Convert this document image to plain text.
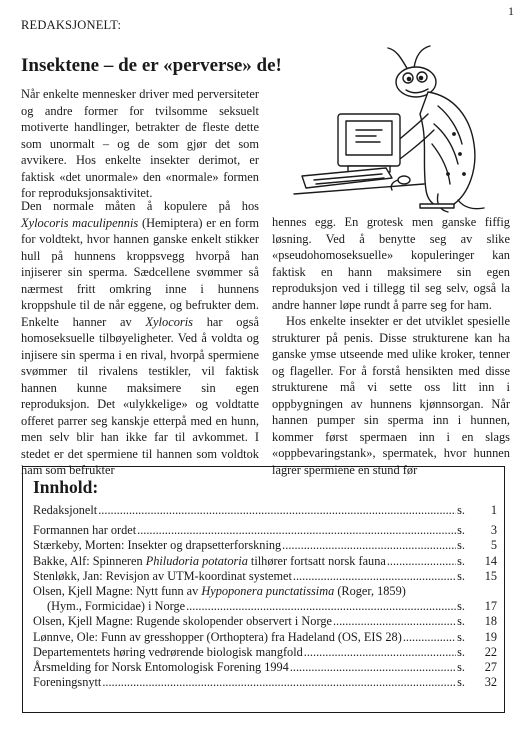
1
REDAKSJONELT:
Insektene – de er «perverse» de!

Når enkelte mennesker driver med perversiteter og andre former for tvilsomme seksuelt motiverte handlinger, betrakter de fleste dette som unormalt – og de som gjør det som avvikere. Hos enkelte insekter derimot, er faktisk «det unormale» den «normale» formen for reproduksjonsaktivitet.

Den normale måten å kopulere på hos Xylocoris maculipennis (Hemiptera) er en form for voldtekt, hvor hannen ganske enkelt stikker hull på hunnens kroppsvegg hvorpå han injiserer sin sperma. Sædcellene svømmer så nærmest fritt omkring inne i hunnens kroppshule til de når eggene, og befrukter dem. Enkelte hanner av Xylocoris har også homoseksuelle tilbøyeligheter. Ved å voldta og injisere sin sperma i en rival, hvorpå spermiene svømmer til rivalens testikler, vil faktisk hannen kunne maksimere sin egen reproduksjon. Det «ulykkelige» og voldtatte offeret parrer seg kanskje etterpå med en hunn, men selv blir han ikke far til avkommet. I stedet er det spermiene til hannen som voldtok ham som befrukter

hennes egg. En grotesk men ganske fiffig løsning. Ved å benytte seg av slike «pseudohomoseksuelle» kopuleringer kan faktisk en hann maksimere sin egen reproduksjon ved i tillegg til seg selv, også la andre hanner løpe rundt å parre seg for ham.

Hos enkelte insekter er det utviklet spesielle strukturer på penis. Disse strukturene kan ha ganske ymse utseende med ulike kroker, tenner og flageller. For å forstå hensikten med disse strukturene må vi sette oss litt inn i oppbygningen av hunnens kjønnsorgan. Når hannen pumper sin sperma inn i hunnen, kommer først spermaen inn i en slags «oppbevaringstank», spermatek, hvor hunnen lagrer spermiene en stund før

Innhold:
Redaksjonelt .....	s.	1
Formannen har ordet .....	s.	3
Stærkeby, Morten: Insekter og drapsetterforskning .....	s.	5
Bakke, Alf: Spinneren Philudoria potatoria tilhører fortsatt norsk fauna .....	s.	14
Stenløkk, Jan: Revisjon av UTM-koordinat systemet .....	s.	15
Olsen, Kjell Magne: Nytt funn av Hypoponera punctatissima (Roger, 1859)
(Hym., Formicidae) i Norge .....	s.	17
Olsen, Kjell Magne: Rugende skolopender observert i Norge .....	s.	18
Lønnve, Ole: Funn av gresshopper (Orthoptera) fra Hadeland (OS, EIS 28) .....	s.	19
Departementets høring vedrørende biologisk mangfold .....	s.	22
Årsmelding for Norsk Entomologisk Forening 1994 .....	s.	27
Foreningsnytt .....	s.	32
